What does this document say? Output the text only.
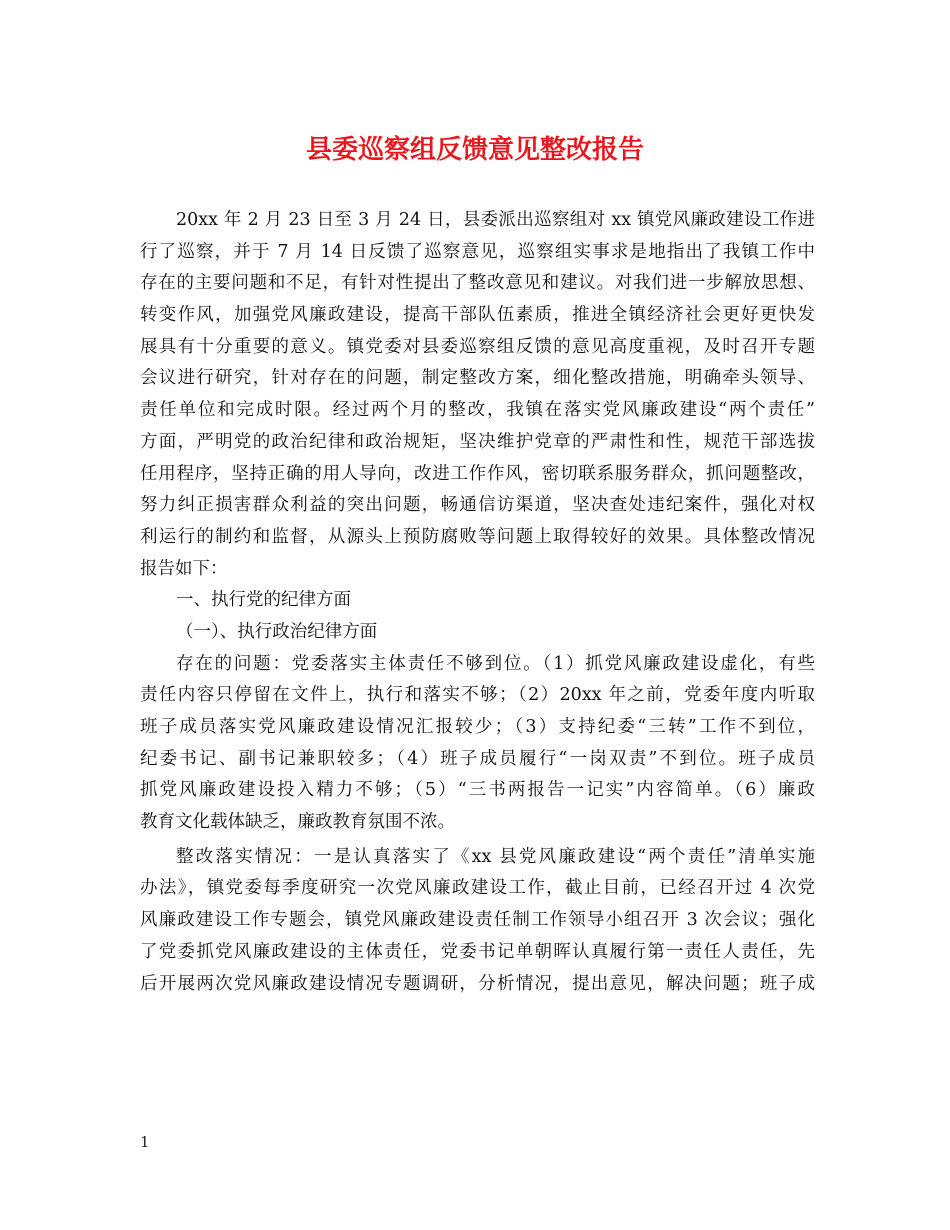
县委巡察组反馈意见整改报告
20xx 年 2 月 23 日至 3 月 24 日，县委派出巡察组对 xx 镇党风廉政建设工作进
行了巡察，并于 7 月 14 日反馈了巡察意见，巡察组实事求是地指出了我镇工作中
存在的主要问题和不足，有针对性提出了整改意见和建议。对我们进一步解放思想、
转变作风，加强党风廉政建设，提高干部队伍素质，推进全镇经济社会更好更快发
展具有十分重要的意义。镇党委对县委巡察组反馈的意见高度重视，及时召开专题
会议进行研究，针对存在的问题，制定整改方案，细化整改措施，明确牵头领导、
责任单位和完成时限。经过两个月的整改，我镇在落实党风廉政建设“两个责任”
方面，严明党的政治纪律和政治规矩，坚决维护党章的严肃性和性，规范干部选拔
任用程序，坚持正确的用人导向，改进工作作风，密切联系服务群众，抓问题整改，
努力纠正损害群众利益的突出问题，畅通信访渠道，坚决查处违纪案件，强化对权
利运行的制约和监督，从源头上预防腐败等问题上取得较好的效果。具体整改情况
报告如下：
一、执行党的纪律方面
（一）、执行政治纪律方面
存在的问题：党委落实主体责任不够到位。（1）抓党风廉政建设虚化，有些
责任内容只停留在文件上，执行和落实不够；（2）20xx 年之前，党委年度内听取
班子成员落实党风廉政建设情况汇报较少；（3）支持纪委“三转”工作不到位，
纪委书记、副书记兼职较多；（4）班子成员履行“一岗双责”不到位。班子成员
抓党风廉政建设投入精力不够；（5）“三书两报告一记实”内容简单。（6）廉政
教育文化载体缺乏，廉政教育氛围不浓。
整改落实情况：一是认真落实了《xx 县党风廉政建设“两个责任”清单实施
办法》，镇党委每季度研究一次党风廉政建设工作，截止目前，已经召开过 4 次党
风廉政建设工作专题会，镇党风廉政建设责任制工作领导小组召开 3 次会议；强化
了党委抓党风廉政建设的主体责任，党委书记单朝晖认真履行第一责任人责任，先
后开展两次党风廉政建设情况专题调研，分析情况，提出意见，解决问题；班子成
1
